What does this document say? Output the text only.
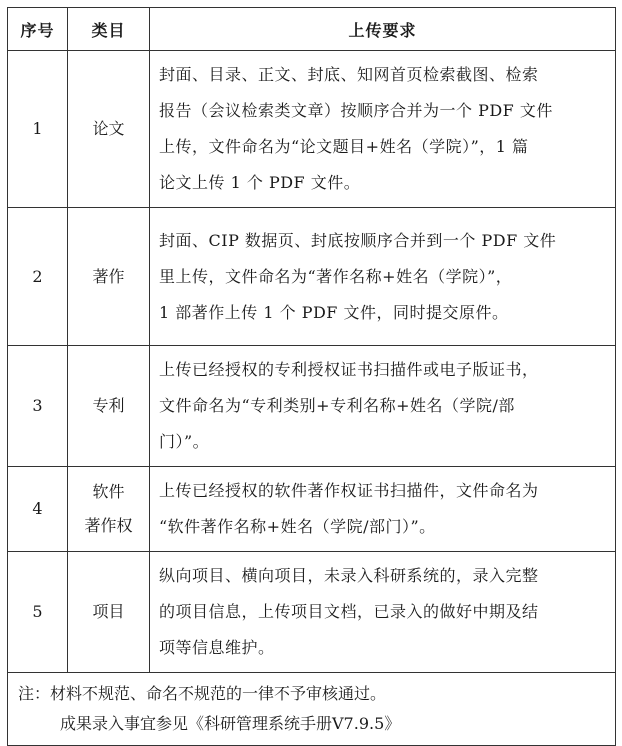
序号	类目	上传要求
1	论文	封面、目录、正文、封底、知网首页检索截图、检索
报告（会议检索类文章）按顺序合并为一个 PDF 文件
上传，文件命名为“论文题目+姓名（学院）”，1 篇
论文上传 1 个 PDF 文件。

2	著作	封面、CIP 数据页、封底按顺序合并到一个 PDF 文件
里上传，文件命名为“著作名称+姓名（学院）”，
1 部著作上传 1 个 PDF 文件，同时提交原件。

3	专利	上传已经授权的专利授权证书扫描件或电子版证书，
文件命名为“专利类别+专利名称+姓名（学院/部
门）”。

4	软件
著作权	上传已经授权的软件著作权证书扫描件，文件命名为
“软件著作名称+姓名（学院/部门）”。

5	项目	纵向项目、横向项目，未录入科研系统的，录入完整
的项目信息，上传项目文档，已录入的做好中期及结
项等信息维护。

注：材料不规范、命名不规范的一律不予审核通过。
成果录入事宜参见《科研管理系统手册V7.9.5》		
